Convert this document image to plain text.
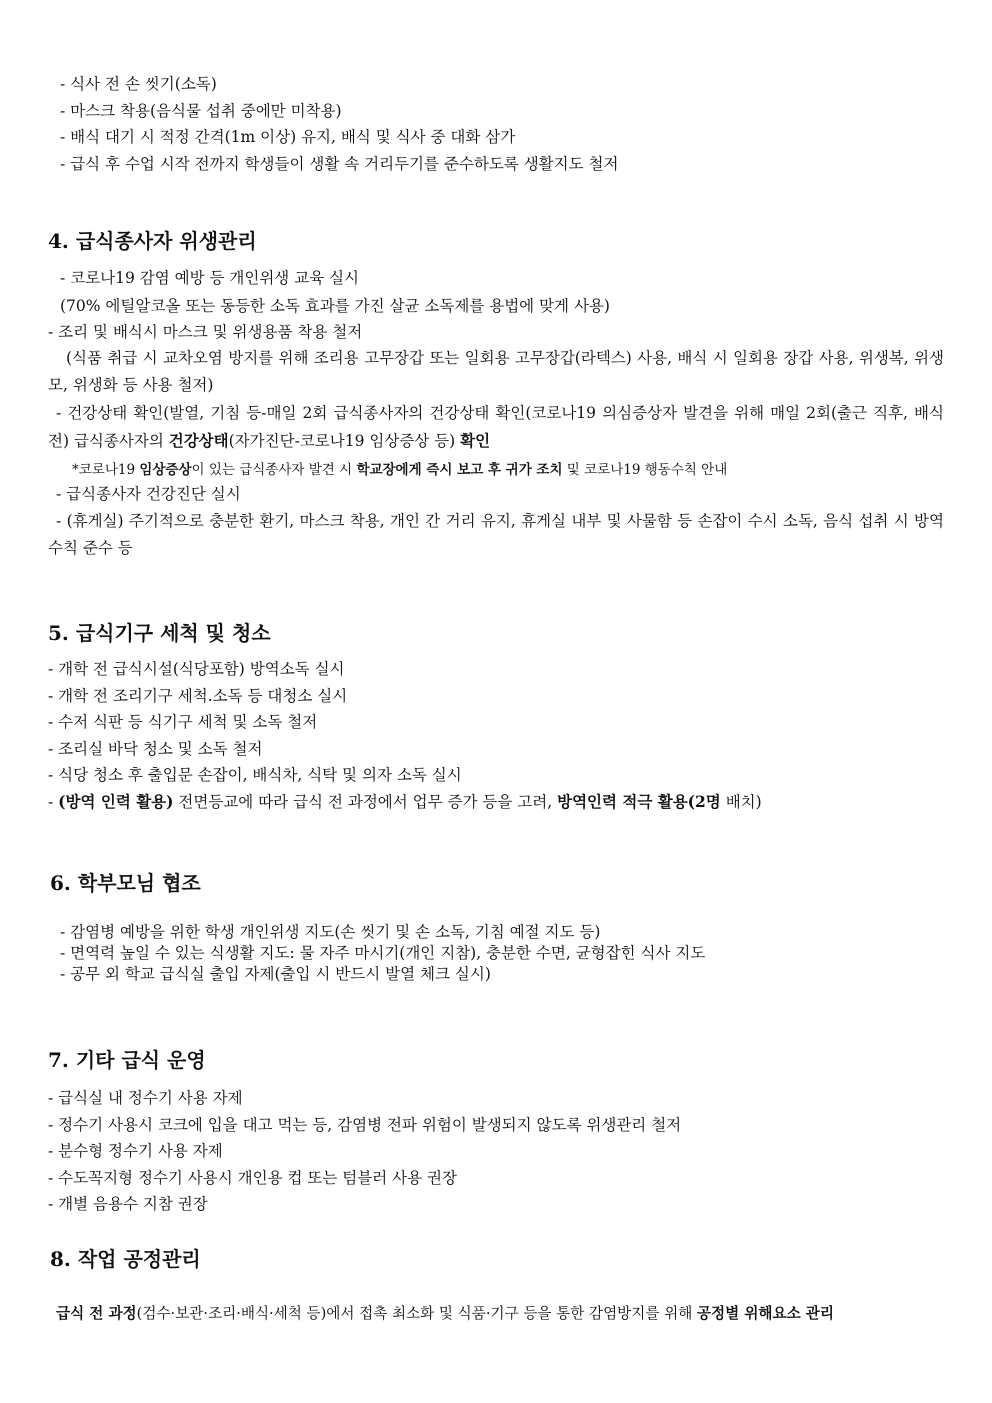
- 식사 전 손 씻기(소독)
- 마스크 착용(음식물 섭취 중에만 미착용)
- 배식 대기 시 적정 간격(1m 이상) 유지, 배식 및 식사 중 대화 삼가
- 급식 후 수업 시작 전까지 학생들이 생활 속 거리두기를 준수하도록 생활지도 철저
4. 급식종사자 위생관리
- 코로나19 감염 예방 등 개인위생 교육 실시
(70% 에틸알코올 또는 동등한 소독 효과를 가진 살균 소독제를 용법에 맞게 사용)
- 조리 및 배식시 마스크 및 위생용품 착용 철저
(식품 취급 시 교차오염 방지를 위해 조리용 고무장갑 또는 일회용 고무장갑(라텍스) 사용, 배식 시 일회용 장갑 사용, 위생복, 위생모, 위생화 등 사용 철저)
- 건강상태 확인(발열, 기침 등-매일 2회 급식종사자의 건강상태 확인(코로나19 의심증상자 발견을 위해 매일 2회(출근 직후, 배식 전) 급식종사자의 건강상태(자가진단-코로나19 임상증상 등) 확인
*코로나19 임상증상이 있는 급식종사자 발견 시 학교장에게 즉시 보고 후 귀가 조치 및 코로나19 행동수칙 안내
- 급식종사자 건강진단 실시
- (휴게실) 주기적으로 충분한 환기, 마스크 착용, 개인 간 거리 유지, 휴게실 내부 및 사물함 등 손잡이 수시 소독, 음식 섭취 시 방역 수칙 준수 등
5. 급식기구 세척 및 청소
- 개학 전 급식시설(식당포함) 방역소독 실시
- 개학 전 조리기구 세척.소독 등 대청소 실시
- 수저 식판 등 식기구 세척 및 소독 철저
- 조리실 바닥 청소 및 소독 철저
- 식당 청소 후 출입문 손잡이, 배식차, 식탁 및 의자 소독 실시
- (방역 인력 활용) 전면등교에 따라 급식 전 과정에서 업무 증가 등을 고려, 방역인력 적극 활용(2명 배치)
6. 학부모님 협조
- 감염병 예방을 위한 학생 개인위생 지도(손 씻기 및 손 소독, 기침 예절 지도 등)
- 면역력 높일 수 있는 식생활 지도: 물 자주 마시기(개인 지참), 충분한 수면, 균형잡힌 식사 지도
- 공무 외 학교 급식실 출입 자제(출입 시 반드시 발열 체크 실시)
7. 기타 급식 운영
- 급식실 내 정수기 사용 자제
- 정수기 사용시 코크에 입을 대고 먹는 등, 감염병 전파 위험이 발생되지 않도록 위생관리 철저
- 분수형 정수기 사용 자제
- 수도꼭지형 정수기 사용시 개인용 컵 또는 텀블러 사용 권장
- 개별 음용수 지참 권장
8. 작업 공정관리
급식 전 과정(검수·보관·조리·배식·세척 등)에서 접촉 최소화 및 식품·기구 등을 통한 감염방지를 위해 공정별 위해요소 관리
